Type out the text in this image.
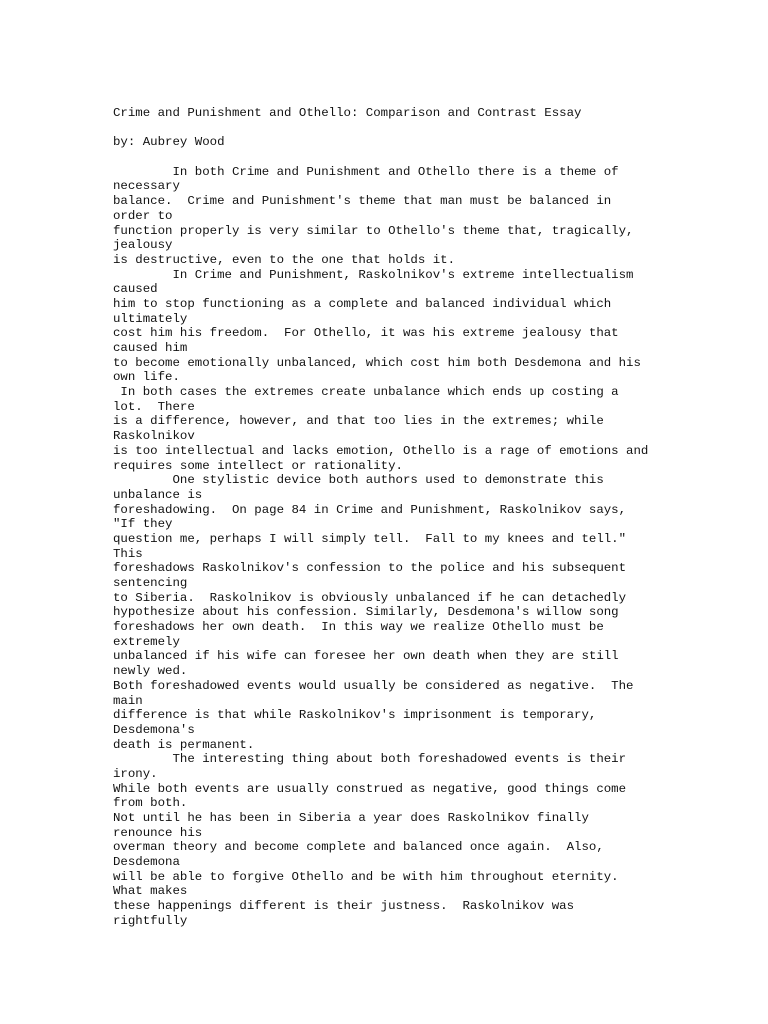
Crime and Punishment and Othello: Comparison and Contrast Essay
by: Aubrey Wood
In both Crime and Punishment and Othello there is a theme of
necessary
balance.  Crime and Punishment's theme that man must be balanced in
order to
function properly is very similar to Othello's theme that, tragically,
jealousy
is destructive, even to the one that holds it.
In Crime and Punishment, Raskolnikov's extreme intellectualism
caused
him to stop functioning as a complete and balanced individual which
ultimately
cost him his freedom.  For Othello, it was his extreme jealousy that
caused him
to become emotionally unbalanced, which cost him both Desdemona and his
own life.
In both cases the extremes create unbalance which ends up costing a
lot.  There
is a difference, however, and that too lies in the extremes; while
Raskolnikov
is too intellectual and lacks emotion, Othello is a rage of emotions and
requires some intellect or rationality.
One stylistic device both authors used to demonstrate this
unbalance is
foreshadowing.  On page 84 in Crime and Punishment, Raskolnikov says,
"If they
question me, perhaps I will simply tell.  Fall to my knees and tell."
This
foreshadows Raskolnikov's confession to the police and his subsequent
sentencing
to Siberia.  Raskolnikov is obviously unbalanced if he can detachedly
hypothesize about his confession. Similarly, Desdemona's willow song
foreshadows her own death.  In this way we realize Othello must be
extremely
unbalanced if his wife can foresee her own death when they are still
newly wed.
Both foreshadowed events would usually be considered as negative.  The
main
difference is that while Raskolnikov's imprisonment is temporary,
Desdemona's
death is permanent.
The interesting thing about both foreshadowed events is their
irony.
While both events are usually construed as negative, good things come
from both.
Not until he has been in Siberia a year does Raskolnikov finally
renounce his
overman theory and become complete and balanced once again.  Also,
Desdemona
will be able to forgive Othello and be with him throughout eternity.
What makes
these happenings different is their justness.  Raskolnikov was
rightfully
